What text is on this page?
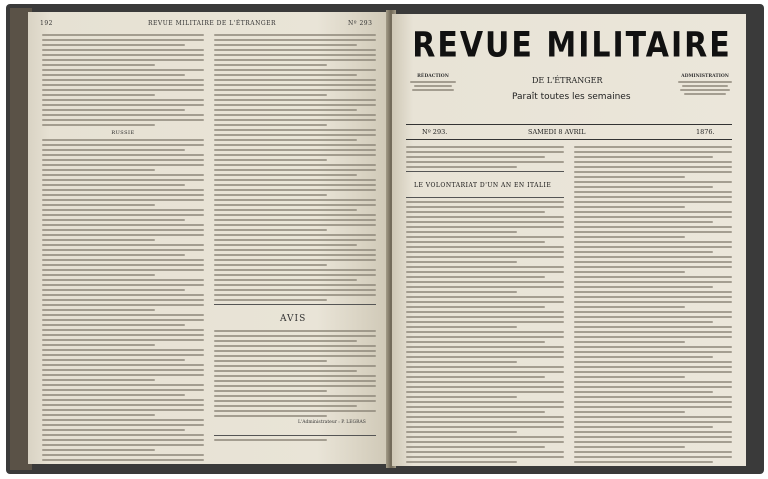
192	REVUE MILITAIRE DE L'ÉTRANGER	Nº 293
RUSSIE
AVIS
L'Administrateur : P. LEGRAS
REVUE MILITAIRE
RÉDACTION	ADMINISTRATION
DE L'ÉTRANGER
Paraît toutes les semaines
Nº 293.	SAMEDI 8 AVRIL	1876.
LE VOLONTARIAT D'UN AN EN ITALIE
